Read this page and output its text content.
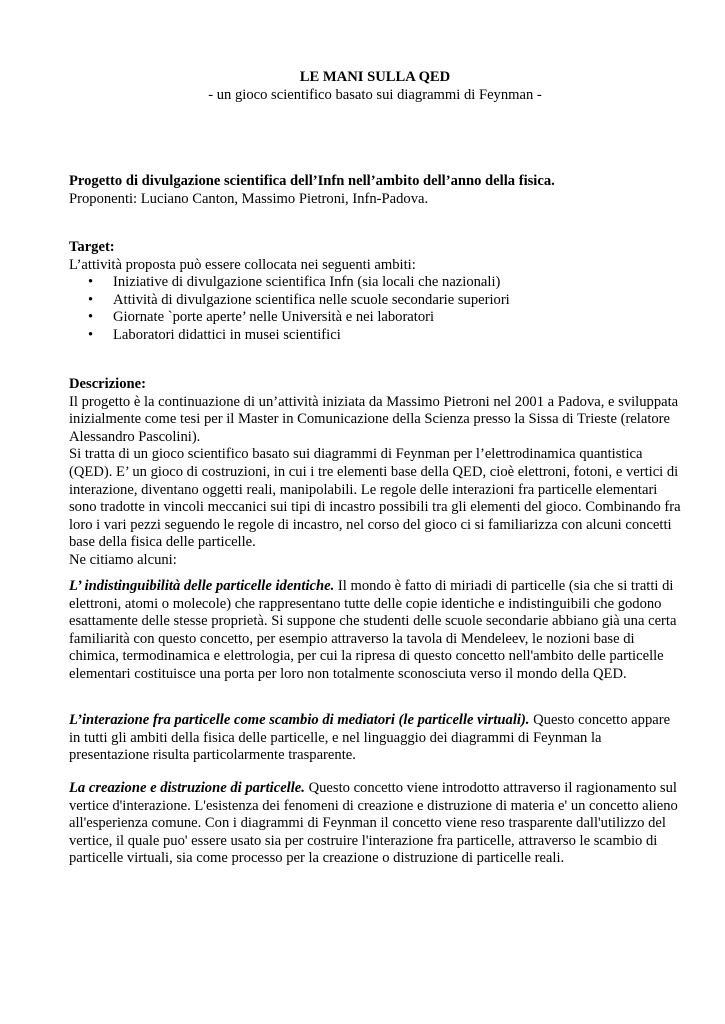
LE MANI SULLA QED
- un gioco scientifico basato sui diagrammi di Feynman -

Progetto di divulgazione scientifica dell’Infn nell’ambito dell’anno della fisica.

Proponenti: Luciano Canton, Massimo Pietroni, Infn-Padova.

Target:

L’attività proposta può essere collocata nei seguenti ambiti:

• Iniziative di divulgazione scientifica Infn (sia locali che nazionali)
• Attività di divulgazione scientifica nelle scuole secondarie superiori
• Giornate `porte aperte’ nelle Università e nei laboratori
• Laboratori didattici in musei scientifici

Descrizione:

Il progetto è la continuazione di un’attività iniziata da Massimo Pietroni nel 2001 a Padova, e sviluppata inizialmente come tesi per il Master in Comunicazione della Scienza presso la Sissa di Trieste (relatore Alessandro Pascolini).

Si tratta di un gioco scientifico basato sui diagrammi di Feynman per l’elettrodinamica quantistica (QED). E’ un gioco di costruzioni, in cui i tre elementi base della QED, cioè elettroni, fotoni, e vertici di interazione, diventano oggetti reali, manipolabili. Le regole delle interazioni fra particelle elementari sono tradotte in vincoli meccanici sui tipi di incastro possibili tra gli elementi del gioco. Combinando fra loro i vari pezzi seguendo le regole di incastro, nel corso del gioco ci si familiarizza con alcuni concetti base della fisica delle particelle.

Ne citiamo alcuni:

L’ indistinguibilità delle particelle identiche. Il mondo è fatto di miriadi di particelle (sia che si tratti di elettroni, atomi o molecole) che rappresentano tutte delle copie identiche e indistinguibili che godono esattamente delle stesse proprietà. Si suppone che studenti delle scuole secondarie abbiano già una certa familiarità con questo concetto, per esempio attraverso la tavola di Mendeleev, le nozioni base di chimica, termodinamica e elettrologia, per cui la ripresa di questo concetto nell'ambito delle particelle elementari costituisce una porta per loro non totalmente sconosciuta verso il mondo della QED.

L’interazione fra particelle come scambio di mediatori (le particelle virtuali). Questo concetto appare in tutti gli ambiti della fisica delle particelle, e nel linguaggio dei diagrammi di Feynman la presentazione risulta particolarmente trasparente.

La creazione e distruzione di particelle. Questo concetto viene introdotto attraverso il ragionamento sul vertice d'interazione. L'esistenza dei fenomeni di creazione e distruzione di materia e' un concetto alieno all'esperienza comune. Con i diagrammi di Feynman il concetto viene reso trasparente dall'utilizzo del vertice, il quale puo' essere usato sia per costruire l'interazione fra particelle, attraverso le scambio di particelle virtuali, sia come processo per la creazione o distruzione di particelle reali.
